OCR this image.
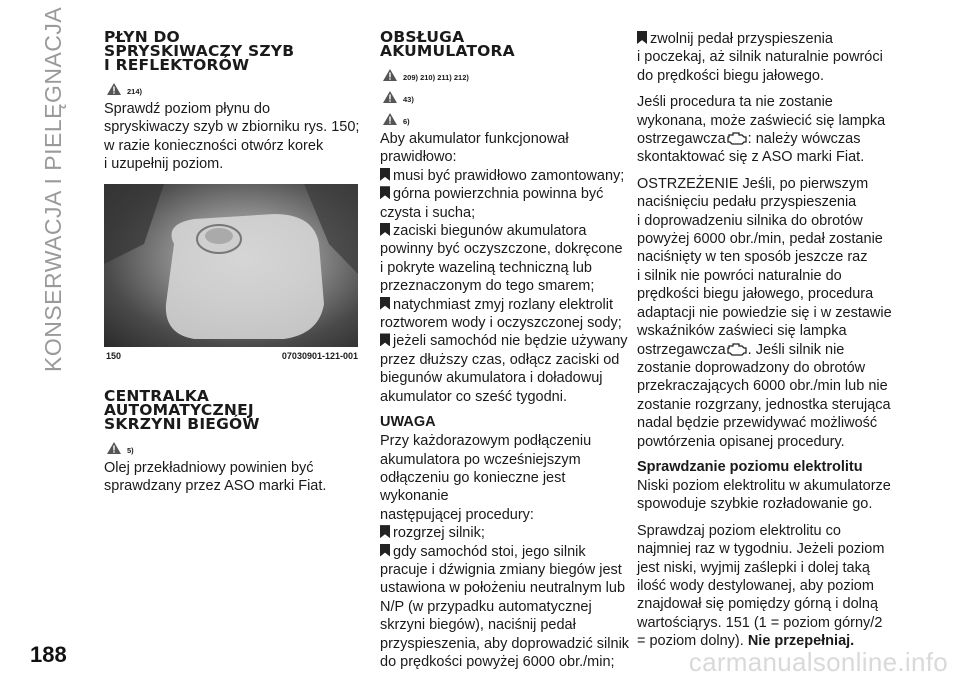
KONSERWACJA I PIELĘGNACJA PŁYN DO
SPRYSKIWACZY SZYB
I REFLEKTORÓW
214)

Sprawdź poziom płynu do
spryskiwaczy szyb w zbiorniku rys. 150;
w razie konieczności otwórz korek
i uzupełnij poziom.

150	07030901-121-001
CENTRALKA
AUTOMATYCZNEJ
SKRZYNI BIEGÓW
5)

Olej przekładniowy powinien być
sprawdzany przez ASO marki Fiat.

OBSŁUGA
AKUMULATORA
209) 210) 211) 212)
43)
6)

Aby akumulator funkcjonował
prawidłowo:

musi być prawidłowo zamontowany;

górna powierzchnia powinna być
czysta i sucha;

zaciski biegunów akumulatora
powinny być oczyszczone, dokręcone
i pokryte wazeliną techniczną lub
przeznaczonym do tego smarem;

natychmiast zmyj rozlany elektrolit
roztworem wody i oczyszczonej sody;

jeżeli samochód nie będzie używany
przez dłuższy czas, odłącz zaciski od
biegunów akumulatora i doładowuj
akumulator co sześć tygodni.

UWAGA

Przy każdorazowym podłączeniu
akumulatora po wcześniejszym
odłączeniu go konieczne jest wykonanie
następującej procedury:

rozgrzej silnik;

gdy samochód stoi, jego silnik
pracuje i dźwignia zmiany biegów jest
ustawiona w położeniu neutralnym lub
N/P (w przypadku automatycznej
skrzyni biegów), naciśnij pedał
przyspieszenia, aby doprowadzić silnik
do prędkości powyżej 6000 obr./min;

zwolnij pedał przyspieszenia
i poczekaj, aż silnik naturalnie powróci
do prędkości biegu jałowego.

Jeśli procedura ta nie zostanie
wykonana, może zaświecić się lampka
ostrzegawcza : należy wówczas
skontaktować się z ASO marki Fiat.

OSTRZEŻENIE Jeśli, po pierwszym
naciśnięciu pedału przyspieszenia
i doprowadzeniu silnika do obrotów
powyżej 6000 obr./min, pedał zostanie
naciśnięty w ten sposób jeszcze raz
i silnik nie powróci naturalnie do
prędkości biegu jałowego, procedura
adaptacji nie powiedzie się i w zestawie
wskaźników zaświeci się lampka
ostrzegawcza . Jeśli silnik nie
zostanie doprowadzony do obrotów
przekraczających 6000 obr./min lub nie
zostanie rozgrzany, jednostka sterująca
nadal będzie przewidywać możliwość
powtórzenia opisanej procedury.

Sprawdzanie poziomu elektrolitu

Niski poziom elektrolitu w akumulatorze
spowoduje szybkie rozładowanie go.

Sprawdzaj poziom elektrolitu co
najmniej raz w tygodniu. Jeżeli poziom
jest niski, wyjmij zaślepki i dolej taką
ilość wody destylowanej, aby poziom
znajdował się pomiędzy górną i dolną
wartościąrys. 151 (1 = poziom górny/2
= poziom dolny). Nie przepełniaj.

188	carmanualsonline.info
